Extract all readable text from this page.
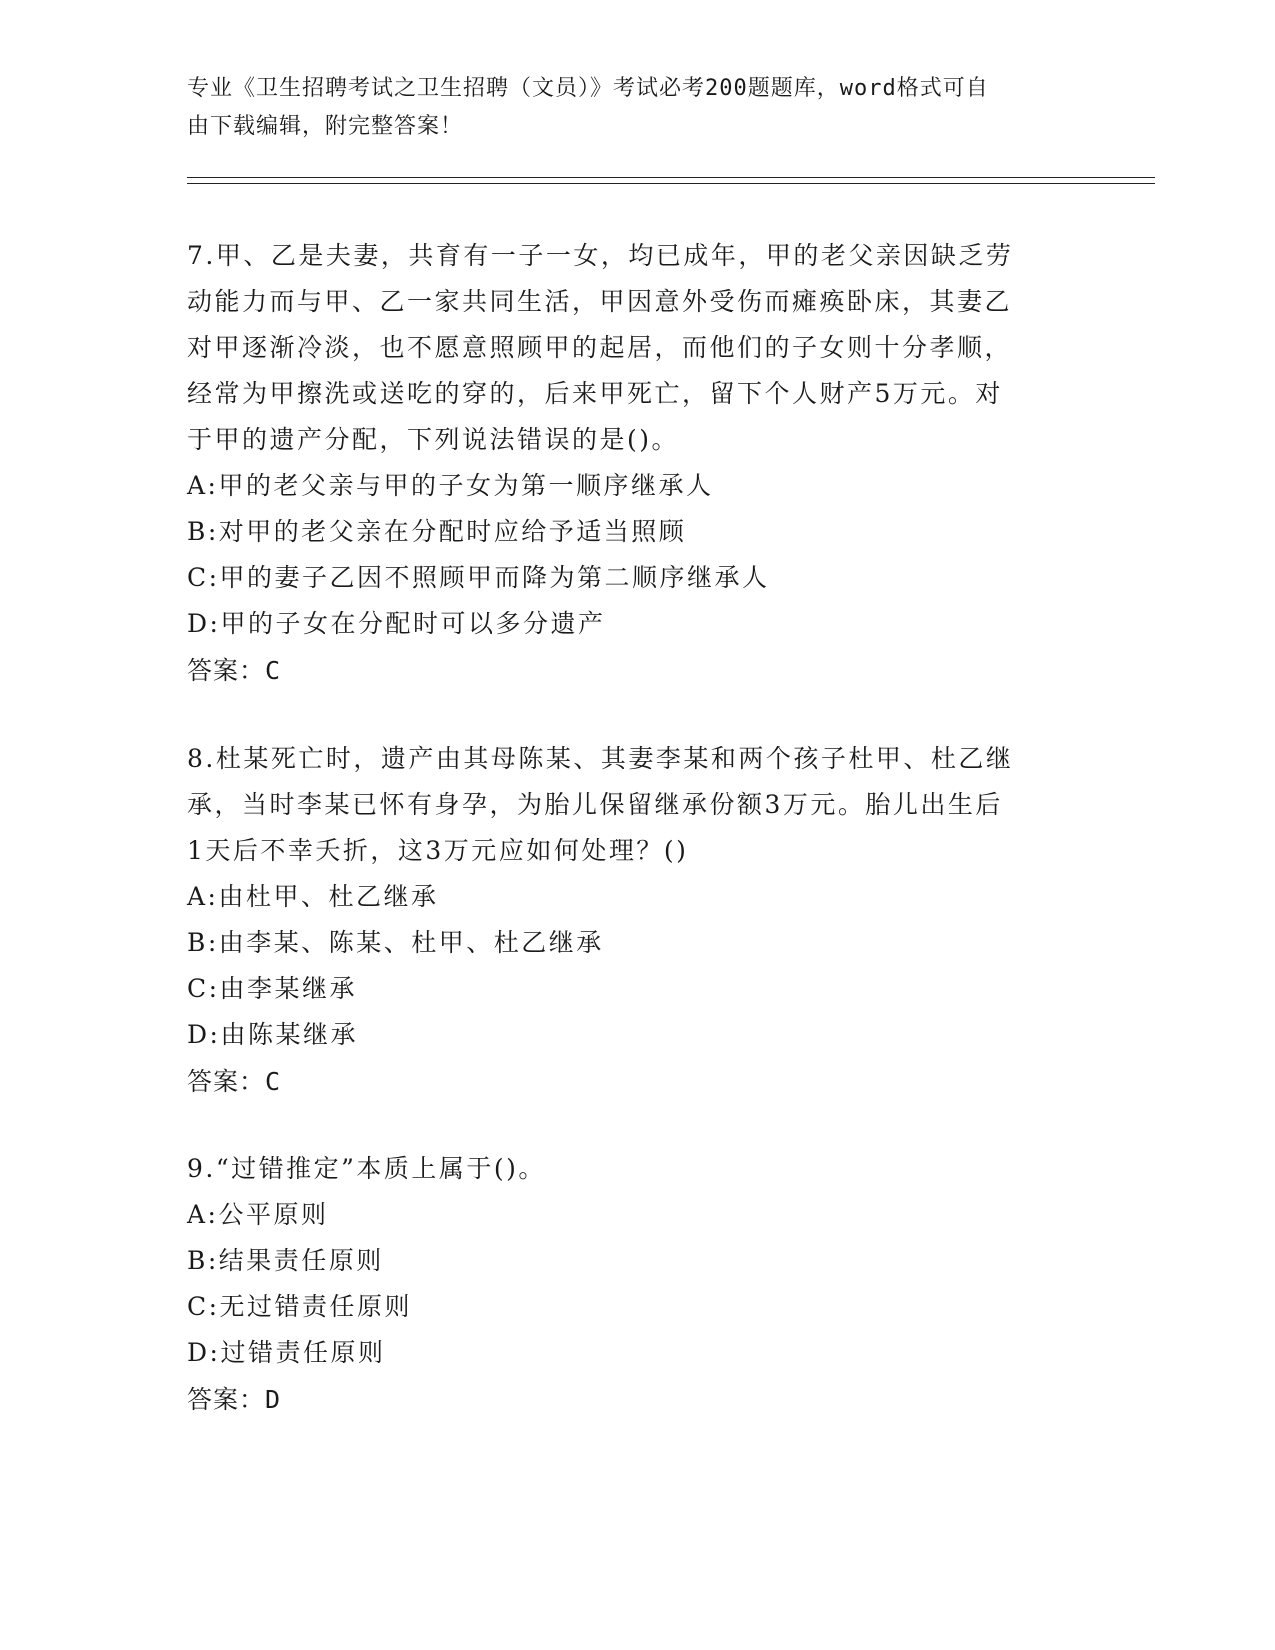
专业《卫生招聘考试之卫生招聘（文员）》考试必考200题题库，word格式可自
由下载编辑，附完整答案！
7.甲、乙是夫妻，共育有一子一女，均已成年，甲的老父亲因缺乏劳
动能力而与甲、乙一家共同生活，甲因意外受伤而瘫痪卧床，其妻乙
对甲逐渐冷淡，也不愿意照顾甲的起居，而他们的子女则十分孝顺，
经常为甲擦洗或送吃的穿的，后来甲死亡，留下个人财产5万元。对
于甲的遗产分配，下列说法错误的是()。
A:甲的老父亲与甲的子女为第一顺序继承人
B:对甲的老父亲在分配时应给予适当照顾
C:甲的妻子乙因不照顾甲而降为第二顺序继承人
D:甲的子女在分配时可以多分遗产
答案：C
8.杜某死亡时，遗产由其母陈某、其妻李某和两个孩子杜甲、杜乙继
承，当时李某已怀有身孕，为胎儿保留继承份额3万元。胎儿出生后
1天后不幸夭折，这3万元应如何处理？()
A:由杜甲、杜乙继承
B:由李某、陈某、杜甲、杜乙继承
C:由李某继承
D:由陈某继承
答案：C
9.“过错推定”本质上属于()。
A:公平原则
B:结果责任原则
C:无过错责任原则
D:过错责任原则
答案：D
